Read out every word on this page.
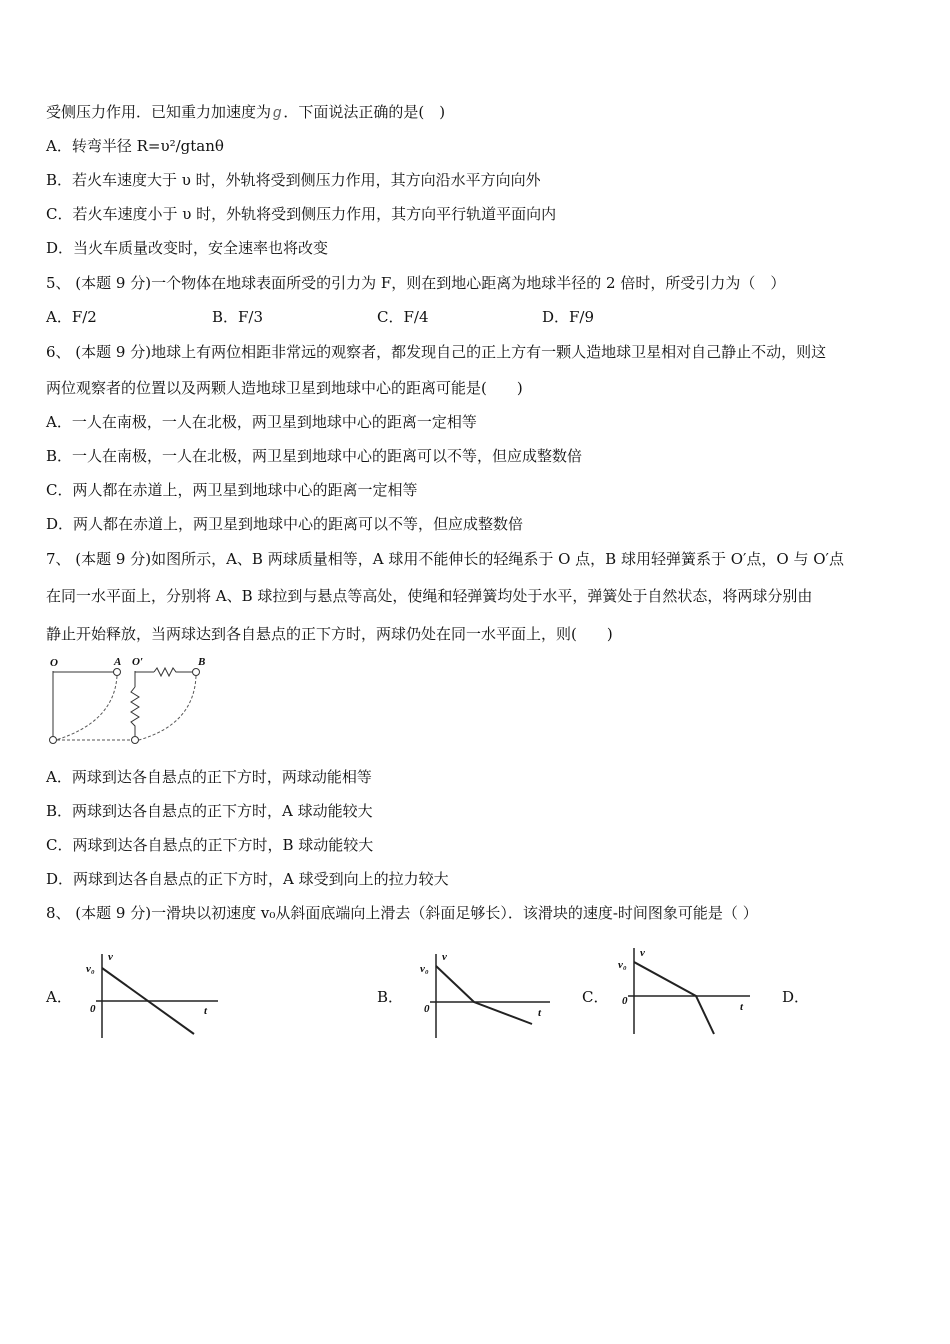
受侧压力作用．已知重力加速度为 g ．下面说法正确的是(　)
A．转弯半径 R=υ²/gtanθ
B．若火车速度大于 υ 时，外轨将受到侧压力作用，其方向沿水平方向向外
C．若火车速度小于 υ 时，外轨将受到侧压力作用，其方向平行轨道平面向内
D．当火车质量改变时，安全速率也将改变
5、 (本题 9 分)一个物体在地球表面所受的引力为 F，则在到地心距离为地球半径的 2 倍时，所受引力为（　）
A．F/2	B．F/3	C．F/4	D．F/9
6、 (本题 9 分)地球上有两位相距非常远的观察者，都发现自己的正上方有一颗人造地球卫星相对自己静止不动，则这
两位观察者的位置以及两颗人造地球卫星到地球中心的距离可能是(　　)
A．一人在南极，一人在北极，两卫星到地球中心的距离一定相等
B．一人在南极，一人在北极，两卫星到地球中心的距离可以不等，但应成整数倍
C．两人都在赤道上，两卫星到地球中心的距离一定相等
D．两人都在赤道上，两卫星到地球中心的距离可以不等，但应成整数倍
7、 (本题 9 分)如图所示，A、B 两球质量相等，A 球用不能伸长的轻绳系于 O 点，B 球用轻弹簧系于 O′点，O 与 O′点
在同一水平面上，分别将 A、B 球拉到与悬点等高处，使绳和轻弹簧均处于水平，弹簧处于自然状态，将两球分别由
静止开始释放，当两球达到各自悬点的正下方时，两球仍处在同一水平面上，则(　　)
O	A O′	B
A．两球到达各自悬点的正下方时，两球动能相等
B．两球到达各自悬点的正下方时，A 球动能较大
C．两球到达各自悬点的正下方时，B 球动能较大
D．两球到达各自悬点的正下方时，A 球受到向上的拉力较大
8、 (本题 9 分)一滑块以初速度 v₀从斜面底端向上滑去（斜面足够长）．该滑块的速度-时间图象可能是（ ）
A．
v
v₀
0	t
B．
v
v₀
0	t
C．
v
v₀
0	t
D．
